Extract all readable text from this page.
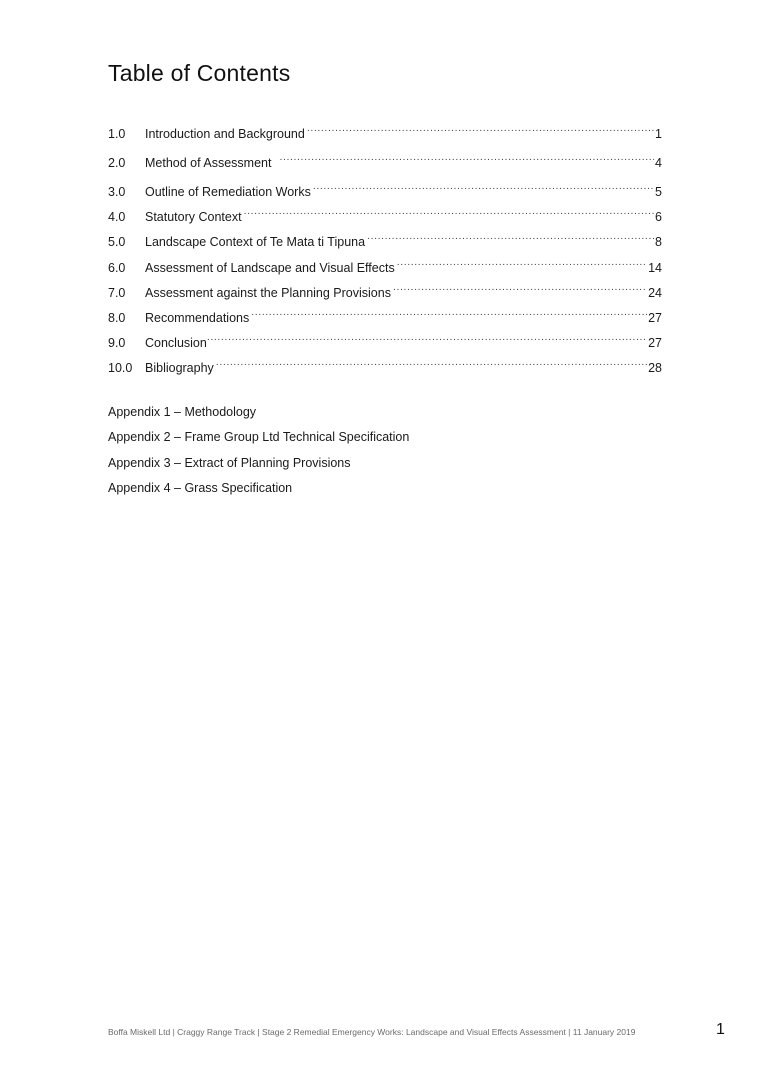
Table of Contents
1.0	Introduction and Background .....	1
2.0	Method of Assessment .....	4
3.0	Outline of Remediation Works .....	5
4.0	Statutory Context .....	6
5.0	Landscape Context of Te Mata ti Tipuna .....	8
6.0	Assessment of Landscape and Visual Effects .....	14
7.0	Assessment against the Planning Provisions .....	24
8.0	Recommendations .....	27
9.0	Conclusion .....	27
10.0	Bibliography .....	28
Appendix 1 – Methodology
Appendix 2 – Frame Group Ltd Technical Specification
Appendix 3 – Extract of Planning Provisions
Appendix 4 – Grass Specification
Boffa Miskell Ltd | Craggy Range Track | Stage 2 Remedial Emergency Works: Landscape and Visual Effects Assessment | 11 January 2019	1
